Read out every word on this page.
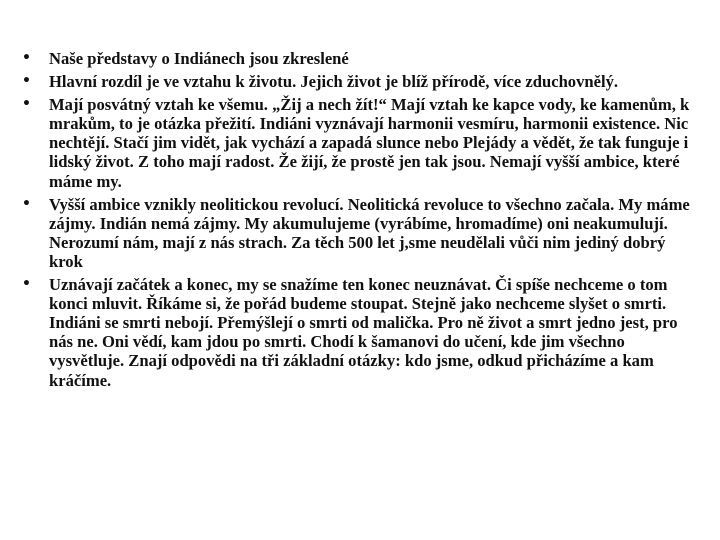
•	Naše představy o Indiánech jsou zkreslené
•	Hlavní rozdíl je ve vztahu k životu. Jejich život je blíž přírodě, více zduchovnělý.
•	Mají posvátný vztah ke všemu. „Žij a nech žít!“ Mají vztah ke kapce vody, ke kamenům, k mrakům, to je otázka přežití. Indiáni vyznávají harmonii vesmíru, harmonii existence. Nic nechtějí. Stačí jim vidět, jak vychází a zapadá slunce nebo Plejády a vědět, že tak funguje i lidský život. Z toho mají radost. Že žijí, že prostě jen tak jsou. Nemají vyšší ambice, které máme my.
•	Vyšší ambice vznikly neolitickou revolucí. Neolitická revoluce to všechno začala. My máme zájmy. Indián nemá zájmy. My akumulujeme (vyrábíme, hromadíme) oni neakumulují. Nerozumí nám, mají z nás strach. Za těch 500 let j,sme neudělali vůči nim jediný dobrý krok
•	Uznávají začátek a konec, my se snažíme ten konec neuznávat. Či spíše nechceme o tom konci mluvit. Říkáme si, že pořád budeme stoupat. Stejně jako nechceme slyšet o smrti. Indiáni se smrti nebojí. Přemýšlejí o smrti od malička. Pro ně život a smrt jedno jest, pro nás ne. Oni vědí, kam jdou po smrti. Chodí k šamanovi do učení, kde jim všechno vysvětluje. Znají odpovědi na tři základní otázky: kdo jsme, odkud přicházíme a kam kráčíme.
